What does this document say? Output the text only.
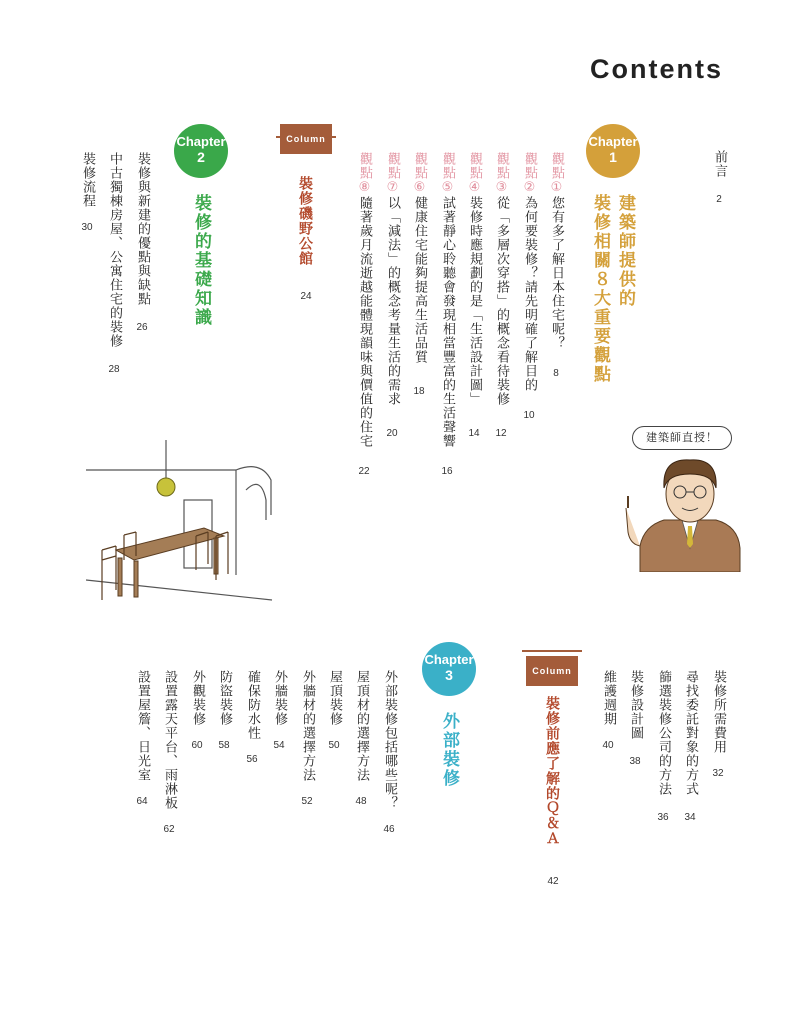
Contents
前言
2
Chapter
1
建築師提供的
裝修相關８大重要觀點
觀點①您有多了解日本住宅呢？
8
觀點②為何要裝修？請先明確了解目的
10
觀點③從「多層次穿搭」的概念看待裝修
12
觀點④裝修時應規劃的是「生活設計圖」
14
觀點⑤試著靜心聆聽會發現相當豐富的生活聲響
16
觀點⑥健康住宅能夠提高生活品質
18
觀點⑦以「減法」的概念考量生活的需求
20
觀點⑧隨著歲月流逝越能體現韻味與價值的住宅
22
Column
裝修磯野公館
24
Chapter
2
裝修的基礎知識
裝修與新建的優點與缺點
26
中古獨棟房屋、公寓住宅的裝修
28
裝修流程
30
建築師直授！
裝修所需費用
32
尋找委託對象的方式
34
篩選裝修公司的方法
36
裝修設計圖
38
維護週期
40
Column
裝修前應了解的Ｑ＆Ａ
42
Chapter
3
外部裝修
外部裝修包括哪些呢？
46
屋頂材的選擇方法
48
屋頂裝修
50
外牆材的選擇方法
52
外牆裝修
54
確保防水性
56
防盜裝修
58
外觀裝修
60
設置露天平台、雨淋板
62
設置屋簷、日光室
64
